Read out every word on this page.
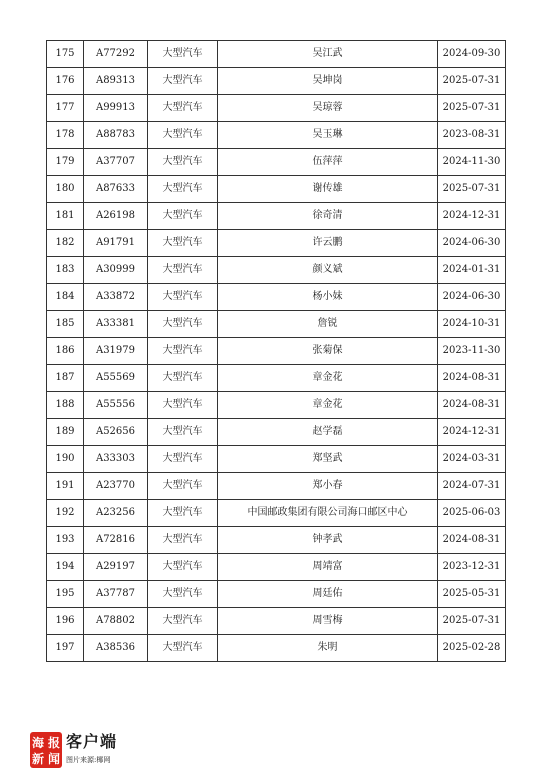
175	A77292	大型汽车	吴江武	2024-09-30
176	A89313	大型汽车	吴坤岗	2025-07-31
177	A99913	大型汽车	吴琼蓉	2025-07-31
178	A88783	大型汽车	吴玉琳	2023-08-31
179	A37707	大型汽车	伍萍萍	2024-11-30
180	A87633	大型汽车	谢传雄	2025-07-31
181	A26198	大型汽车	徐奇清	2024-12-31
182	A91791	大型汽车	许云鹏	2024-06-30
183	A30999	大型汽车	颜义斌	2024-01-31
184	A33872	大型汽车	杨小妹	2024-06-30
185	A33381	大型汽车	詹锐	2024-10-31
186	A31979	大型汽车	张菊保	2023-11-30
187	A55569	大型汽车	章金花	2024-08-31
188	A55556	大型汽车	章金花	2024-08-31
189	A52656	大型汽车	赵学磊	2024-12-31
190	A33303	大型汽车	郑坚武	2024-03-31
191	A23770	大型汽车	郑小春	2024-07-31
192	A23256	大型汽车	中国邮政集团有限公司海口邮区中心	2025-06-03
193	A72816	大型汽车	钟孝武	2024-08-31
194	A29197	大型汽车	周靖富	2023-12-31
195	A37787	大型汽车	周廷佑	2025-05-31
196	A78802	大型汽车	周雪梅	2025-07-31
197	A38536	大型汽车	朱明	2025-02-28
海 报
新 闻
客户端
图片来源:椰网
